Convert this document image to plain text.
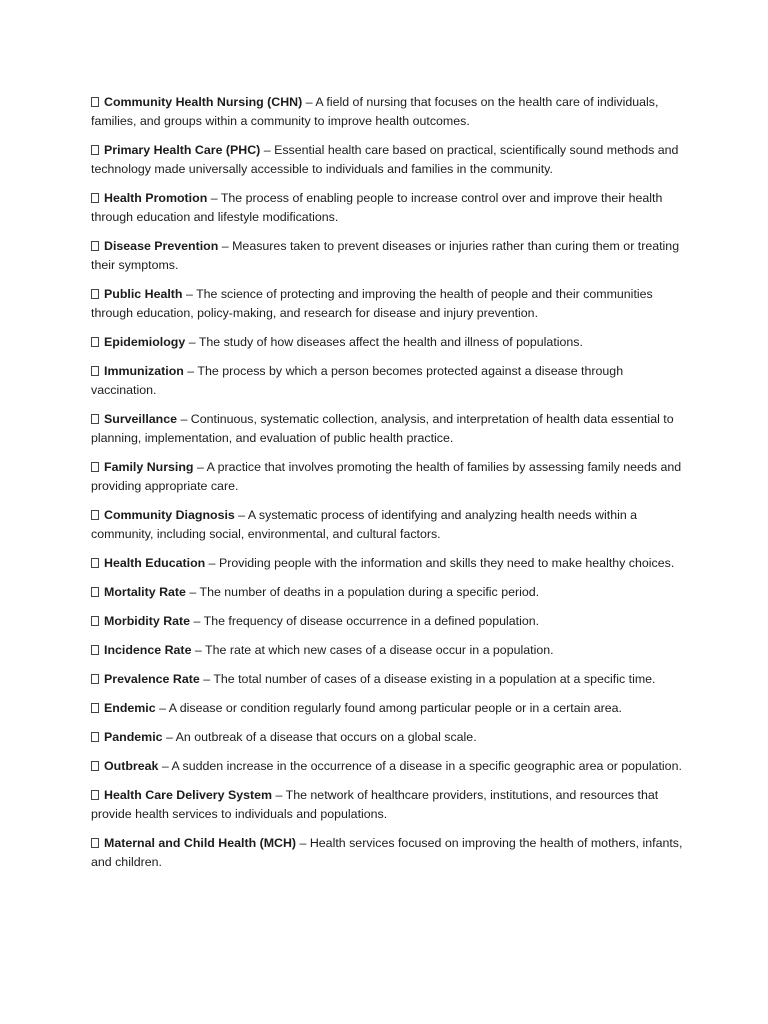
Community Health Nursing (CHN) – A field of nursing that focuses on the health care of individuals, families, and groups within a community to improve health outcomes.

Primary Health Care (PHC) – Essential health care based on practical, scientifically sound methods and technology made universally accessible to individuals and families in the community.

Health Promotion – The process of enabling people to increase control over and improve their health through education and lifestyle modifications.

Disease Prevention – Measures taken to prevent diseases or injuries rather than curing them or treating their symptoms.

Public Health – The science of protecting and improving the health of people and their communities through education, policy-making, and research for disease and injury prevention.

Epidemiology – The study of how diseases affect the health and illness of populations.

Immunization – The process by which a person becomes protected against a disease through vaccination.

Surveillance – Continuous, systematic collection, analysis, and interpretation of health data essential to planning, implementation, and evaluation of public health practice.

Family Nursing – A practice that involves promoting the health of families by assessing family needs and providing appropriate care.

Community Diagnosis – A systematic process of identifying and analyzing health needs within a community, including social, environmental, and cultural factors.

Health Education – Providing people with the information and skills they need to make healthy choices.

Mortality Rate – The number of deaths in a population during a specific period.

Morbidity Rate – The frequency of disease occurrence in a defined population.

Incidence Rate – The rate at which new cases of a disease occur in a population.

Prevalence Rate – The total number of cases of a disease existing in a population at a specific time.

Endemic – A disease or condition regularly found among particular people or in a certain area.

Pandemic – An outbreak of a disease that occurs on a global scale.

Outbreak – A sudden increase in the occurrence of a disease in a specific geographic area or population.

Health Care Delivery System – The network of healthcare providers, institutions, and resources that provide health services to individuals and populations.

Maternal and Child Health (MCH) – Health services focused on improving the health of mothers, infants, and children.
